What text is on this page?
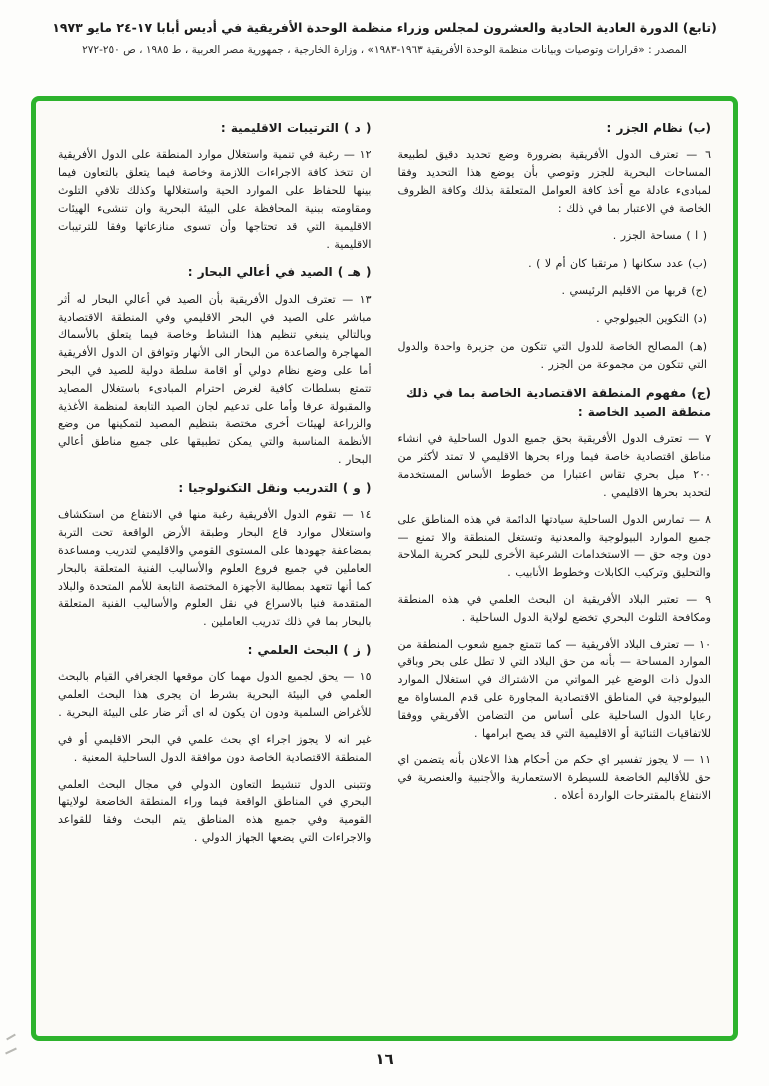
(تابع) الدورة العادية الحادية والعشرون لمجلس وزراء منظمة الوحدة الأفريقية في أديس أبابا ١٧-٢٤ مايو ١٩٧٣
المصدر : «قرارات وتوصيات وبيانات منظمة الوحدة الأفريقية ١٩٦٣-١٩٨٣» ، وزارة الخارجية ، جمهورية مصر العربية ، ط ١٩٨٥ ، ص ٢٥٠-٢٧٢

(ب) نظام الجزر :

٦ — تعترف الدول الأفريقية بضرورة وضع تحديد دقيق لطبيعة المساحات البحرية للجزر وتوصي بأن يوضع هذا التحديد وفقا لمبادىء عادلة مع أخذ كافة العوامل المتعلقة بذلك وكافة الظروف الخاصة في الاعتبار بما في ذلك :

( ا ) مساحة الجزر .

(ب) عدد سكانها ( مرتقبا كان أم لا ) .

(ج) قربها من الاقليم الرئيسي .

(د) التكوين الجيولوجي .

(هـ) المصالح الخاصة للدول التي تتكون من جزيرة واحدة والدول التي تتكون من مجموعة من الجزر .

(ج) مفهوم المنطقة الاقتصادية الخاصة بما في ذلك منطقة الصيد الخاصة :

٧ — تعترف الدول الأفريقية بحق جميع الدول الساحلية في انشاء مناطق اقتصادية خاصة فيما وراء بحرها الاقليمي لا تمتد لأكثر من ٢٠٠ ميل بحري تقاس اعتبارا من خطوط الأساس المستخدمة لتحديد بحرها الاقليمي .

٨ — تمارس الدول الساحلية سيادتها الدائمة في هذه المناطق على جميع الموارد البيولوجية والمعدنية وتستغل المنطقة والا تمنع — دون وجه حق — الاستخدامات الشرعية الأخرى للبحر كحرية الملاحة والتحليق وتركيب الكابلات وخطوط الأنابيب .

٩ — تعتبر البلاد الأفريقية ان البحث العلمي في هذه المنطقة ومكافحة التلوث البحري تخضع لولاية الدول الساحلية .

١٠ — تعترف البلاد الأفريقية — كما تتمتع جميع شعوب المنطقة من الموارد المساحة — بأنه من حق البلاد التي لا تطل على بحر وباقي الدول ذات الوضع غير المواتي من الاشتراك في استغلال الموارد البيولوجية في المناطق الاقتصادية المجاورة على قدم المساواة مع رعايا الدول الساحلية على أساس من التضامن الأفريقي ووفقا للاتفاقيات الثنائية أو الاقليمية التي قد يصح ابرامها .

١١ — لا يجوز تفسير اي حكم من أحكام هذا الاعلان بأنه يتضمن اي حق للأقاليم الخاضعة للسيطرة الاستعمارية والأجنبية والعنصرية في الانتفاع بالمقترحات الواردة أعلاه .

( د ) الترتيبات الاقليمية :

١٢ — رغبة في تنمية واستغلال موارد المنطقة على الدول الأفريقية ان تتخذ كافة الاجراءات اللازمة وخاصة فيما يتعلق بالتعاون فيما بينها للحفاظ على الموارد الحية واستغلالها وكذلك تلافي التلوث ومقاومته ببنية المحافظة على البيئة البحرية وان تنشىء الهيئات الاقليمية التي قد تحتاجها وأن تسوى منازعاتها وفقا للترتيبات الاقليمية .

( هـ ) الصيد في أعالي البحار :

١٣ — تعترف الدول الأفريقية بأن الصيد في أعالي البحار له أثر مباشر على الصيد في البحر الاقليمي وفي المنطقة الاقتصادية وبالتالي ينبغي تنظيم هذا النشاط وخاصة فيما يتعلق بالأسماك المهاجرة والصاعدة من البحار الى الأنهار وتوافق ان الدول الأفريقية أما على وضع نظام دولي أو اقامة سلطة دولية للصيد في البحر تتمتع بسلطات كافية لغرض احترام المبادىء باستغلال المصايد والمقبولة عرفا وأما على تدعيم لجان الصيد التابعة لمنظمة الأغذية والزراعة لهيئات أخرى مختصة بتنظيم المصيد لتمكينها من وضع الأنظمة المناسبة والتي يمكن تطبيقها على جميع مناطق أعالي البحار .

( و ) التدريب ونقل التكنولوجيا :

١٤ — تقوم الدول الأفريقية رغبة منها في الانتفاع من استكشاف واستغلال موارد قاع البحار وطبقة الأرض الواقعة تحت التربة بمضاعفة جهودها على المستوى القومي والاقليمي لتدريب ومساعدة العاملين في جميع فروع العلوم والأساليب الفنية المتعلقة بالبحار كما أنها تتعهد بمطالبة الأجهزة المختصة التابعة للأمم المتحدة والبلاد المتقدمة فنيا بالاسراع في نقل العلوم والأساليب الفنية المتعلقة بالبحار بما في ذلك تدريب العاملين .

( ز ) البحث العلمي :

١٥ — يحق لجميع الدول مهما كان موقعها الجغرافي القيام بالبحث العلمي في البيئة البحرية بشرط ان يجرى هذا البحث العلمي للأغراض السلمية ودون ان يكون له اى أثر ضار على البيئة البحرية .

غير انه لا يجوز اجراء اي بحث علمي في البحر الاقليمي أو في المنطقة الاقتصادية الخاصة دون موافقة الدول الساحلية المعنية .

وتتبنى الدول تنشيط التعاون الدولي في مجال البحث العلمي البحري في المناطق الواقعة فيما وراء المنطقة الخاضعة لولايتها القومية وفي جميع هذه المناطق يتم البحث وفقا للقواعد والاجراءات التي يضعها الجهاز الدولي .

١٦
